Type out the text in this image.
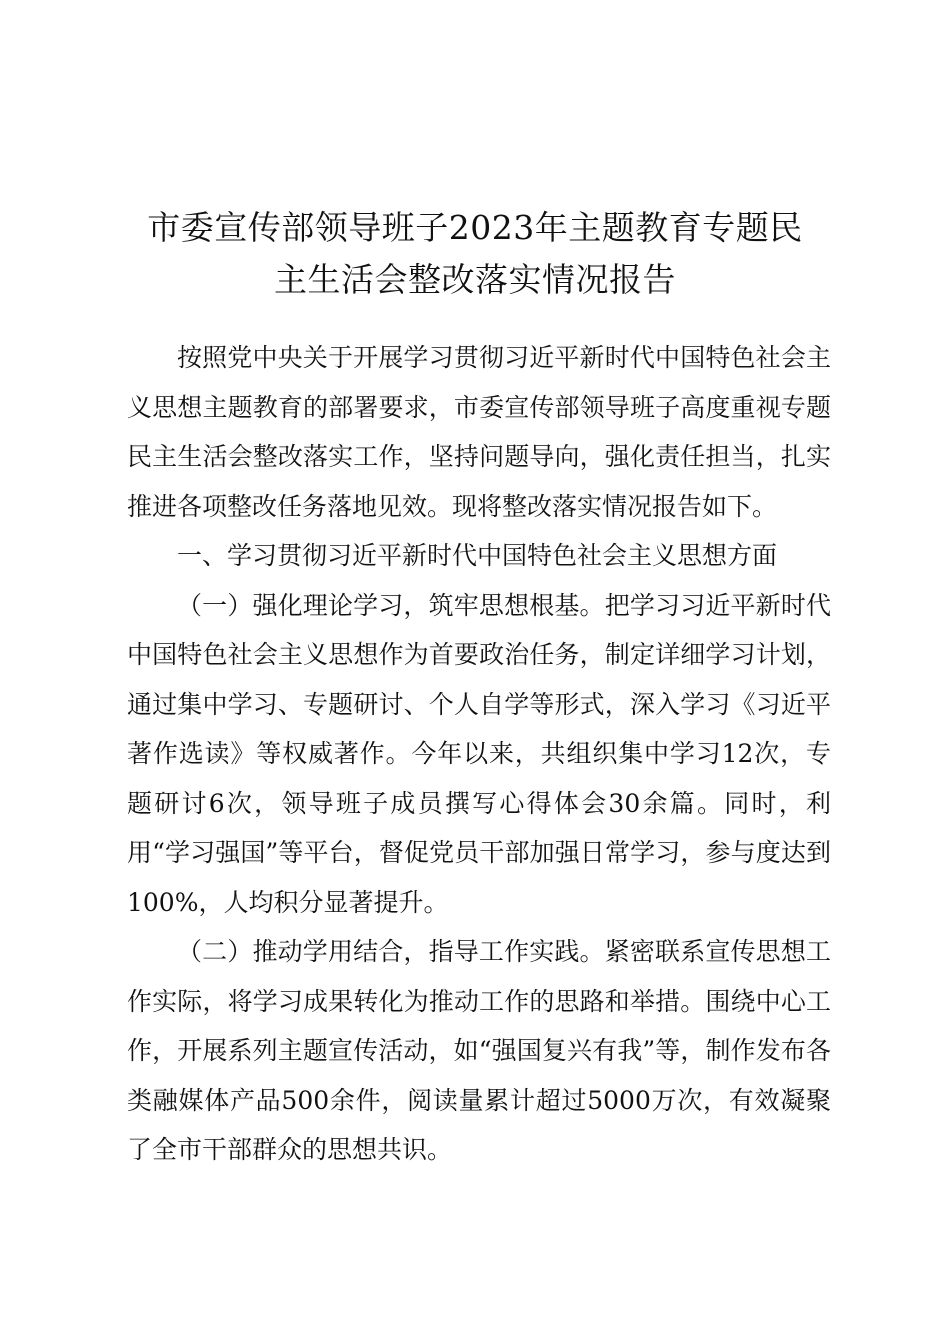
市委宣传部领导班子2023年主题教育专题民
主生活会整改落实情况报告

按照党中央关于开展学习贯彻习近平新时代中国特色社会主义思想主题教育的部署要求，市委宣传部领导班子高度重视专题民主生活会整改落实工作，坚持问题导向，强化责任担当，扎实推进各项整改任务落地见效。现将整改落实情况报告如下。

一、学习贯彻习近平新时代中国特色社会主义思想方面

（一）强化理论学习，筑牢思想根基。把学习习近平新时代中国特色社会主义思想作为首要政治任务，制定详细学习计划，通过集中学习、专题研讨、个人自学等形式，深入学习《习近平著作选读》等权威著作。今年以来，共组织集中学习12次，专题研讨6次，领导班子成员撰写心得体会30余篇。同时，利用“学习强国”等平台，督促党员干部加强日常学习，参与度达到100%，人均积分显著提升。

（二）推动学用结合，指导工作实践。紧密联系宣传思想工作实际，将学习成果转化为推动工作的思路和举措。围绕中心工作，开展系列主题宣传活动，如“强国复兴有我”等，制作发布各类融媒体产品500余件，阅读量累计超过5000万次，有效凝聚了全市干部群众的思想共识。
